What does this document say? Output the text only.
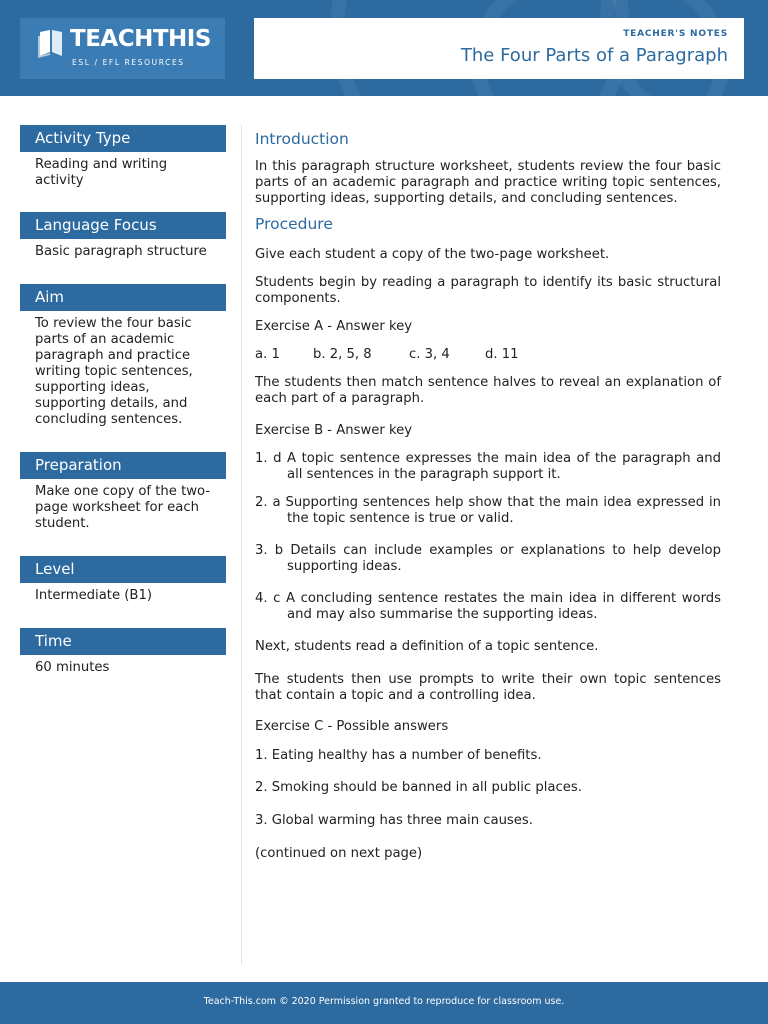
TEACHTHIS
ESL / EFL RESOURCES
TEACHER'S NOTES
The Four Parts of a Paragraph
Activity Type
Reading and writing activity
Language Focus
Basic paragraph structure
Aim
To review the four basic parts of an academic paragraph and practice writing topic sentences, supporting ideas, supporting details, and concluding sentences.
Preparation
Make one copy of the two-page worksheet for each student.
Level
Intermediate (B1)
Time
60 minutes
Introduction

In this paragraph structure worksheet, students review the four basic parts of an academic paragraph and practice writing topic sentences, supporting ideas, supporting details, and concluding sentences.

Procedure

Give each student a copy of the two-page worksheet.

Students begin by reading a paragraph to identify its basic structural components.

Exercise A - Answer key

a. 1	b. 2, 5, 8	c. 3, 4	d. 11

The students then match sentence halves to reveal an explanation of each part of a paragraph.

Exercise B - Answer key

1. d A topic sentence expresses the main idea of the paragraph and all sentences in the paragraph support it.
2. a Supporting sentences help show that the main idea expressed in the topic sentence is true or valid.
3. b Details can include examples or explanations to help develop supporting ideas.
4. c A concluding sentence restates the main idea in different words and may also summarise the supporting ideas.

Next, students read a definition of a topic sentence.

The students then use prompts to write their own topic sentences that contain a topic and a controlling idea.

Exercise C - Possible answers

1. Eating healthy has a number of benefits.

2. Smoking should be banned in all public places.

3. Global warming has three main causes.

(continued on next page)

Teach-This.com © 2020 Permission granted to reproduce for classroom use.
